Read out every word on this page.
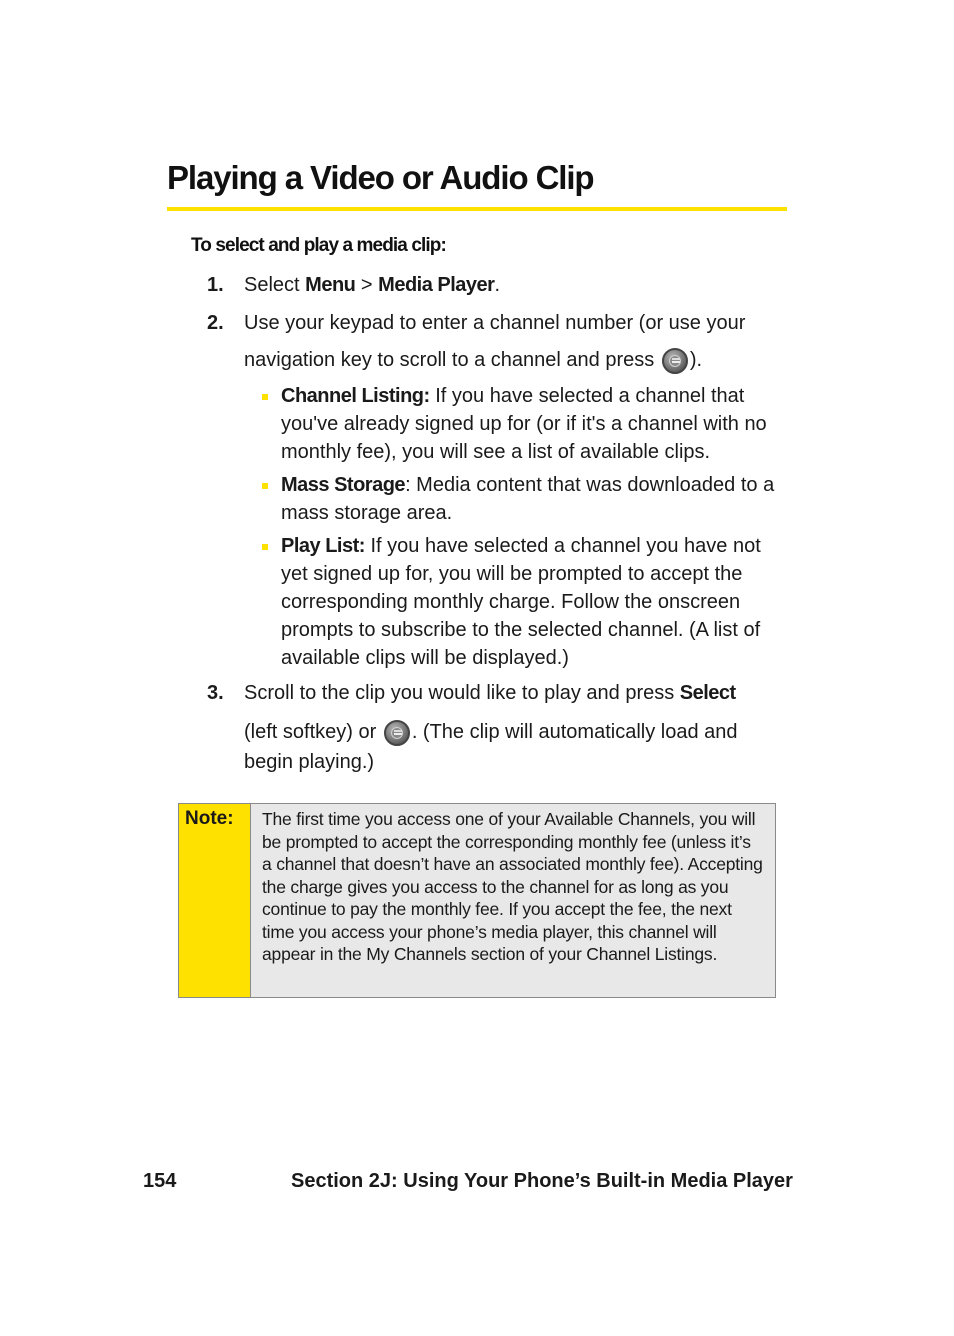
Playing a Video or Audio Clip
To select and play a media clip:
1. Select Menu > Media Player.
2. Use your keypad to enter a channel number (or use your
navigation key to scroll to a channel and press ).
Channel Listing: If you have selected a channel that you've already signed up for (or if it's a channel with no monthly fee), you will see a list of available clips.
Mass Storage: Media content that was downloaded to a mass storage area.
Play List: If you have selected a channel you have not yet signed up for, you will be prompted to accept the corresponding monthly charge. Follow the onscreen prompts to subscribe to the selected channel. (A list of available clips will be displayed.)
3. Scroll to the clip you would like to play and press Select
(left softkey) or . (The clip will automatically load and begin playing.)
Note:	The first time you access one of your Available Channels, you will be prompted to accept the corresponding monthly fee (unless it’s a channel that doesn’t have an associated monthly fee). Accepting the charge gives you access to the channel for as long as you continue to pay the monthly fee. If you accept the fee, the next time you access your phone’s media player, this channel will appear in the My Channels section of your Channel Listings.
154	Section 2J: Using Your Phone’s Built-in Media Player
